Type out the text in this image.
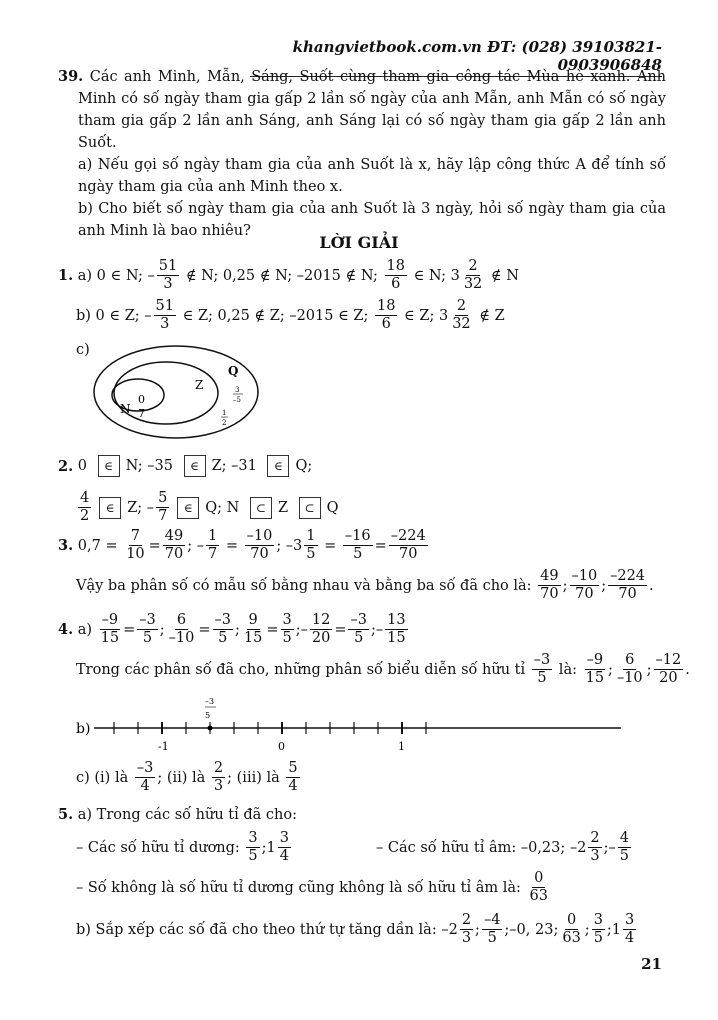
khangvietbook.com.vn ĐT: (028) 39103821- 0903906848
39. Các anh Minh, Mẫn, Sáng, Suốt cùng tham gia công tác Mùa hè xanh. Anh Minh có số ngày tham gia gấp 2 lần số ngày của anh Mẫn, anh Mẫn có số ngày tham gia gấp 2 lần anh Sáng, anh Sáng lại có số ngày tham gia gấp 2 lần anh Suốt.
a) Nếu gọi số ngày tham gia của anh Suốt là x, hãy lập công thức A để tính số ngày tham gia của anh Minh theo x.
b) Cho biết số ngày tham gia của anh Suốt là 3 ngày, hỏi số ngày tham gia của anh Minh là bao nhiêu?
LỜI GIẢI
1. a) 0 ∈ N; – $\frac{51}{3}$ ∉ N; 0,25 ∉ N; –2015 ∉ N; $\frac{18}{6}$ ∈ N; $3 \frac{2}{32}$ ∉ N
b) 0 ∈ Z; – $\frac{51}{3}$ ∈ Z; 0,25 ∉ Z; –2015 ∈ Z; $\frac{18}{6}$ ∈ Z; $3 \frac{2}{32}$ ∉ Z
c)
Q
Z
N
0
7
3
–5
1
2
2. 0	∈ N; –35	∈ Z; –31	∈ Q;
$\frac{4}{2}$	∈ Z; – $\frac{5}{7}$	∈ Q; N ⊂ Z ⊂ Q
3. $0,7 = \frac{7}{10} = \frac{49}{70}$ ; – $\frac{1}{7} = \frac{-10}{70}$ ; $-3 \frac{1}{5} = \frac{-16}{5} = \frac{-224}{70}$
Vậy ba phân số có mẫu số bằng nhau và bằng ba số đã cho là: $\frac{49}{70}$ ; $\frac{-10}{70}$ ; $\frac{-224}{70}$ .
4. $a) \frac{-9}{15} = \frac{-3}{5}$ ; $\frac{6}{-10} = \frac{-3}{5}$ ; $\frac{9}{15} = \frac{3}{5}$ ;– $\frac{12}{20} = \frac{-3}{5}$ ;– $\frac{13}{15}$
Trong các phân số đã cho, những phân số biểu diễn số hữu tỉ $\frac{-3}{5}$ là: $\frac{-9}{15}$ ; $\frac{6}{-10}$ ; $\frac{-12}{20}$ .
b)
-1	0	1
–3
5
c) (i) là $\frac{-3}{4}$ ; (ii) là $\frac{2}{3}$ ; (iii) là $\frac{5}{4}$
5. a) Trong các số hữu tỉ đã cho:
– Các số hữu tỉ dương: $\frac{3}{5}$ ;1 $\frac{3}{4}$	– Các số hữu tỉ âm: –0,23; $-2 \frac{2}{3}$ ;– $\frac{4}{5}$
– Số không là số hữu tỉ dương cũng không là số hữu tỉ âm là: $\frac{0}{63}$
b) Sắp xếp các số đã cho theo thứ tự tăng dần là: $-2 \frac{2}{3}$ ; $\frac{-4}{5}$ ;–0, 23; $\frac{0}{63}$ ; $\frac{3}{5}$ ;1 $\frac{3}{4}$
21
